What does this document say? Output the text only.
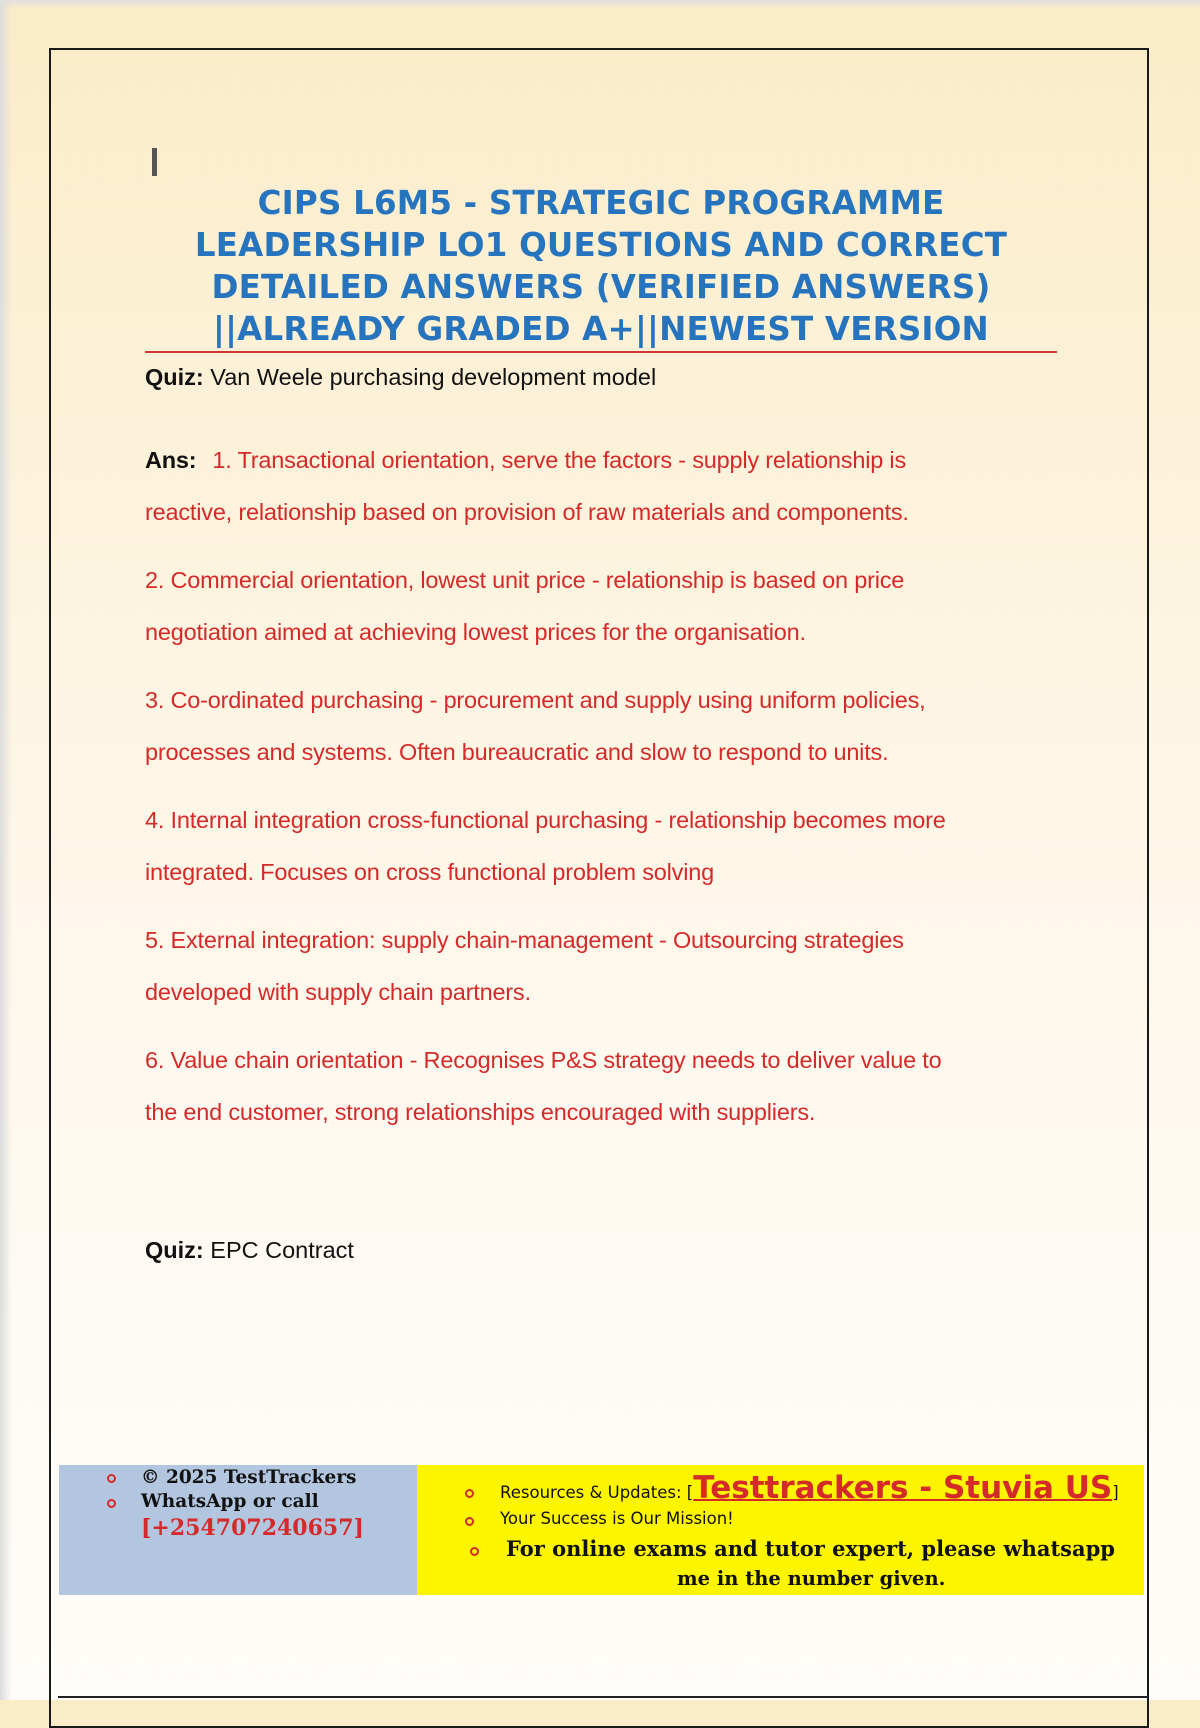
CIPS L6M5 - STRATEGIC PROGRAMME
LEADERSHIP LO1 QUESTIONS AND CORRECT
DETAILED ANSWERS (VERIFIED ANSWERS)
||ALREADY GRADED A+||NEWEST VERSION
Quiz: Van Weele purchasing development model
Ans: 1. Transactional orientation, serve the factors - supply relationship is
reactive, relationship based on provision of raw materials and components.
2. Commercial orientation, lowest unit price - relationship is based on price
negotiation aimed at achieving lowest prices for the organisation.
3. Co-ordinated purchasing - procurement and supply using uniform policies,
processes and systems. Often bureaucratic and slow to respond to units.
4. Internal integration cross-functional purchasing - relationship becomes more
integrated. Focuses on cross functional problem solving
5. External integration: supply chain-management - Outsourcing strategies
developed with supply chain partners.
6. Value chain orientation - Recognises P&S strategy needs to deliver value to
the end customer, strong relationships encouraged with suppliers.
Quiz: EPC Contract
© 2025 TestTrackers
WhatsApp or call
[+254707240657]
Resources & Updates: [Testtrackers - Stuvia US]
Your Success is Our Mission!
For online exams and tutor expert, please whatsapp
me in the number given.
